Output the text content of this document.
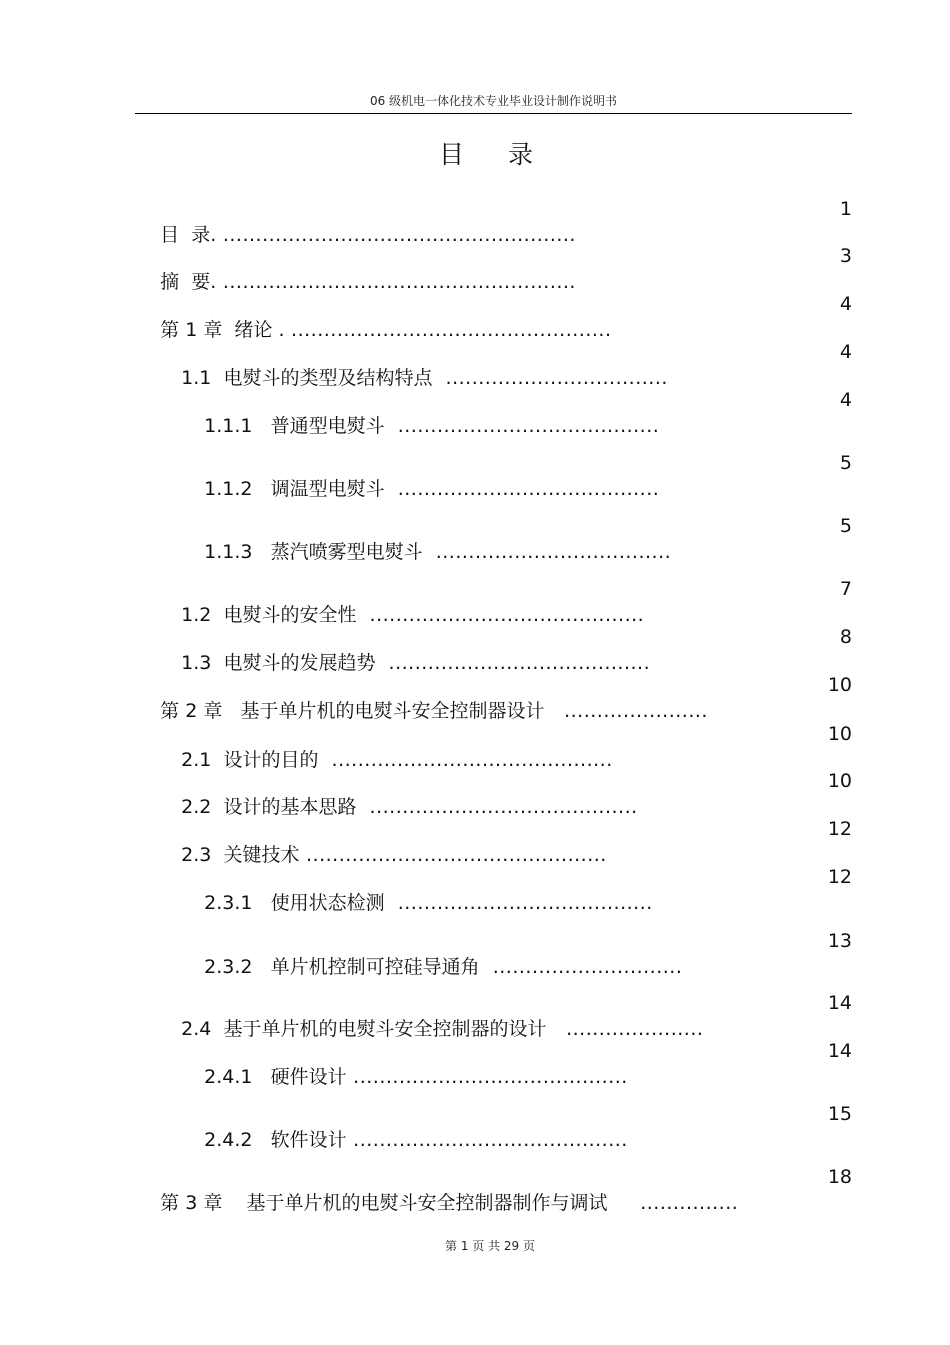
06 级机电一体化技术专业毕业设计制作说明书
目 录

目  录. ......................................................

1

摘  要. ......................................................

3

第 1 章  绪论 . .................................................

4

1.1  电熨斗的类型及结构特点  ..................................

4

1.1.1   普通型电熨斗  ........................................

4

1.1.2   调温型电熨斗  ........................................

5

1.1.3   蒸汽喷雾型电熨斗  ....................................

5

1.2  电熨斗的安全性  ..........................................

7

1.3  电熨斗的发展趋势  ........................................

8

第 2 章   基于单片机的电熨斗安全控制器设计   ......................

10

2.1  设计的目的  ...........................................

10

2.2  设计的基本思路  .........................................

10

2.3  关键技术 ..............................................

12

2.3.1   使用状态检测  .......................................

12

2.3.2   单片机控制可控硅导通角  .............................

13

2.4  基于单片机的电熨斗安全控制器的设计   .....................

14

2.4.1   硬件设计 ..........................................

14

2.4.2   软件设计 ..........................................

15

第 3 章    基于单片机的电熨斗安全控制器制作与调试     ...............

18
第 1 页 共 29 页
